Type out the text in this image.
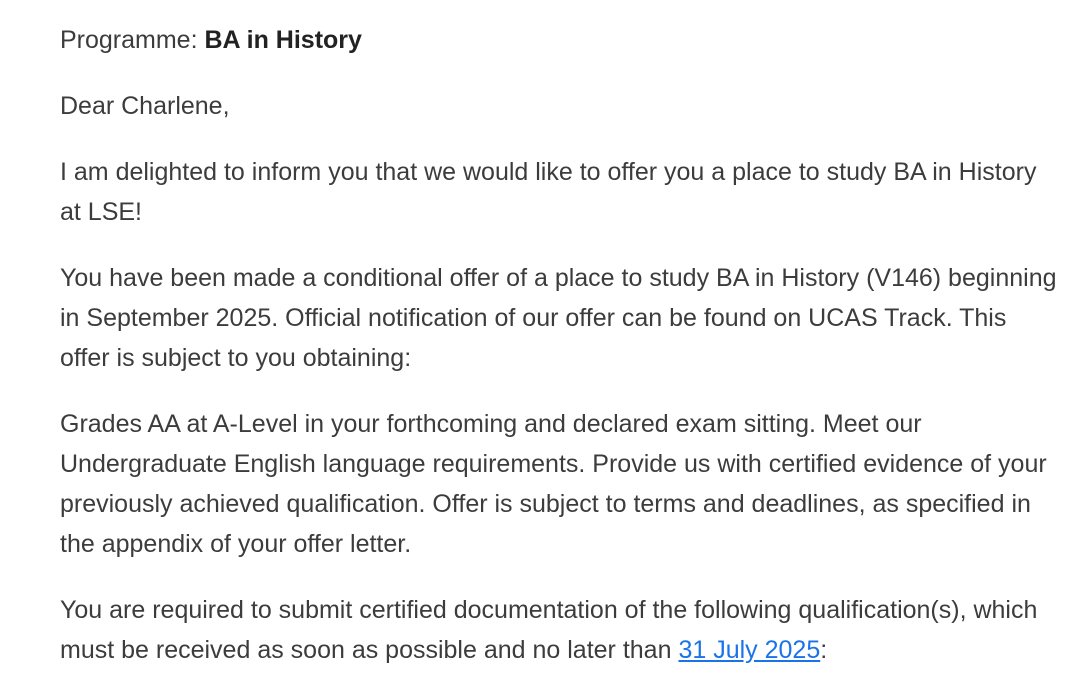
Programme: BA in History

Dear Charlene,

I am delighted to inform you that we would like to offer you a place to study BA in History at LSE!

You have been made a conditional offer of a place to study BA in History (V146) beginning in September 2025. Official notification of our offer can be found on UCAS Track. This offer is subject to you obtaining:

Grades AA at A-Level in your forthcoming and declared exam sitting. Meet our Undergraduate English language requirements. Provide us with certified evidence of your previously achieved qualification. Offer is subject to terms and deadlines, as specified in the appendix of your offer letter.

You are required to submit certified documentation of the following qualification(s), which must be received as soon as possible and no later than 31 July 2025:
